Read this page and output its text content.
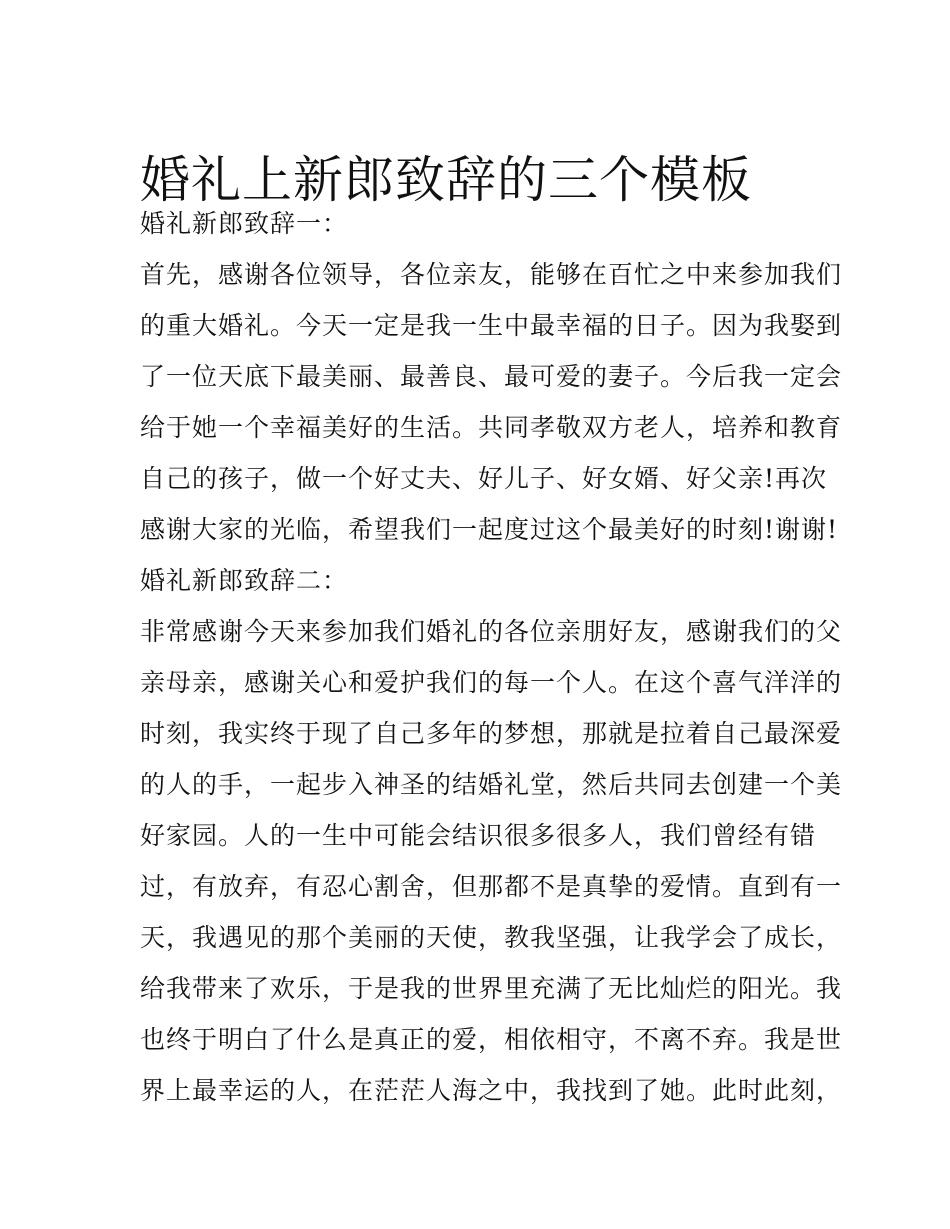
婚礼上新郎致辞的三个模板
婚礼新郎致辞一：
首先，感谢各位领导，各位亲友，能够在百忙之中来参加我们
的重大婚礼。今天一定是我一生中最幸福的日子。因为我娶到
了一位天底下最美丽、最善良、最可爱的妻子。今后我一定会
给于她一个幸福美好的生活。共同孝敬双方老人，培养和教育
自己的孩子，做一个好丈夫、好儿子、好女婿、好父亲!再次
感谢大家的光临，希望我们一起度过这个最美好的时刻!谢谢!
婚礼新郎致辞二：
非常感谢今天来参加我们婚礼的各位亲朋好友，感谢我们的父
亲母亲，感谢关心和爱护我们的每一个人。在这个喜气洋洋的
时刻，我实终于现了自己多年的梦想，那就是拉着自己最深爱
的人的手，一起步入神圣的结婚礼堂，然后共同去创建一个美
好家园。人的一生中可能会结识很多很多人，我们曾经有错
过，有放弃，有忍心割舍，但那都不是真挚的爱情。直到有一
天，我遇见的那个美丽的天使，教我坚强，让我学会了成长，
给我带来了欢乐，于是我的世界里充满了无比灿烂的阳光。我
也终于明白了什么是真正的爱，相依相守，不离不弃。我是世
界上最幸运的人，在茫茫人海之中，我找到了她。此时此刻，
